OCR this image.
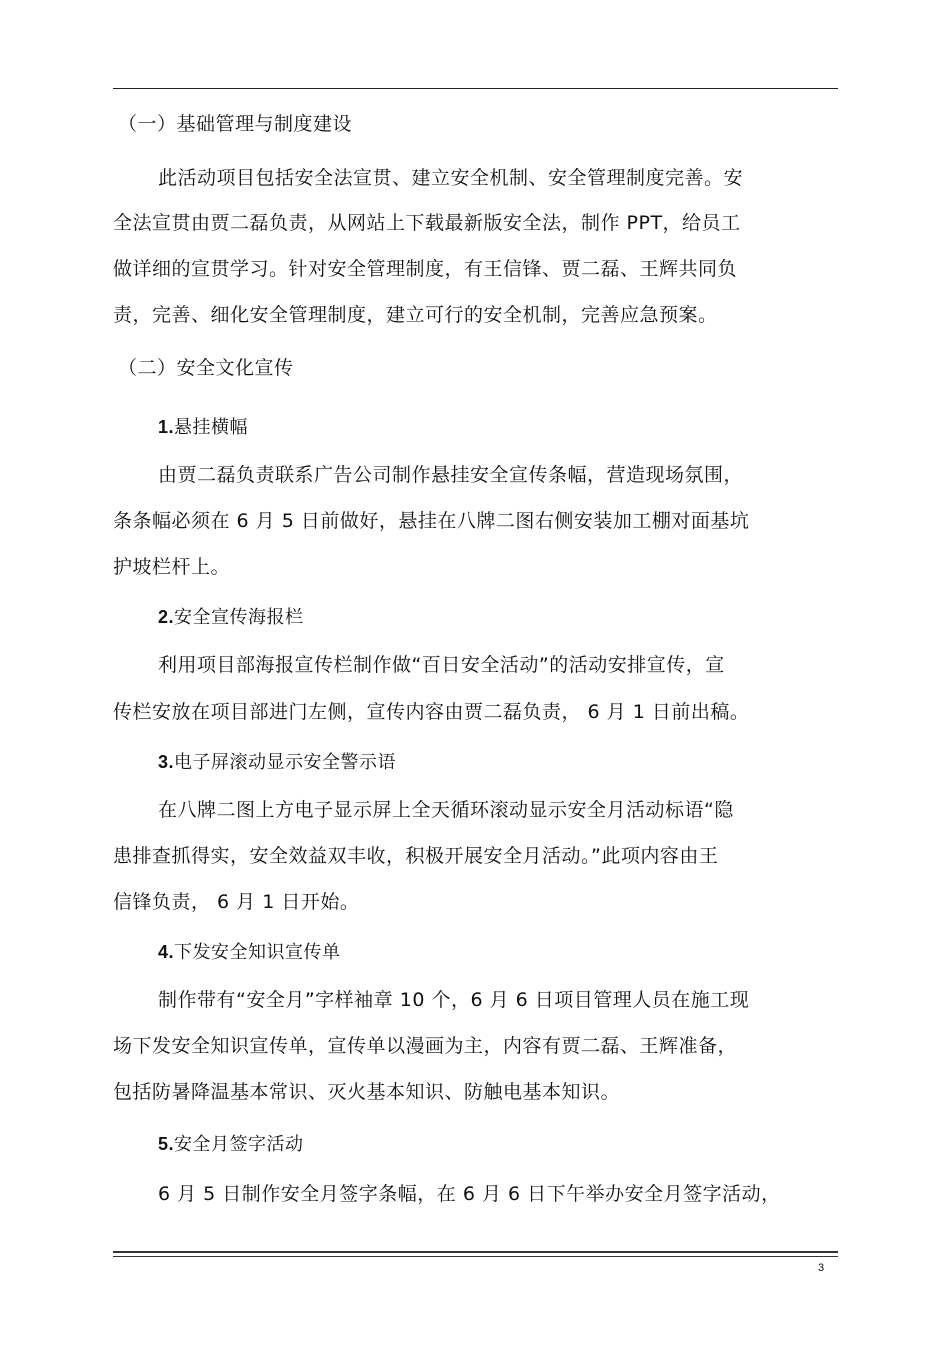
（一）基础管理与制度建设
此活动项目包括安全法宣贯、建立安全机制、安全管理制度完善。安
全法宣贯由贾二磊负责，从网站上下载最新版安全法，制作 PPT，给员工
做详细的宣贯学习。针对安全管理制度，有王信锋、贾二磊、王辉共同负
责，完善、细化安全管理制度，建立可行的安全机制，完善应急预案。
（二）安全文化宣传
1.悬挂横幅
由贾二磊负责联系广告公司制作悬挂安全宣传条幅，营造现场氛围，
条条幅必须在 6 月 5 日前做好，悬挂在八牌二图右侧安装加工棚对面基坑
护坡栏杆上。
2.安全宣传海报栏
利用项目部海报宣传栏制作做“百日安全活动”的活动安排宣传，宣
传栏安放在项目部进门左侧，宣传内容由贾二磊负责， 6 月 1 日前出稿。
3.电子屏滚动显示安全警示语
在八牌二图上方电子显示屏上全天循环滚动显示安全月活动标语“隐
患排查抓得实，安全效益双丰收，积极开展安全月活动。”此项内容由王
信锋负责， 6 月 1 日开始。
4.下发安全知识宣传单
制作带有“安全月”字样袖章 10 个，6 月 6 日项目管理人员在施工现
场下发安全知识宣传单，宣传单以漫画为主，内容有贾二磊、王辉准备，
包括防暑降温基本常识、灭火基本知识、防触电基本知识。
5.安全月签字活动
6 月 5 日制作安全月签字条幅，在 6 月 6 日下午举办安全月签字活动，
3
